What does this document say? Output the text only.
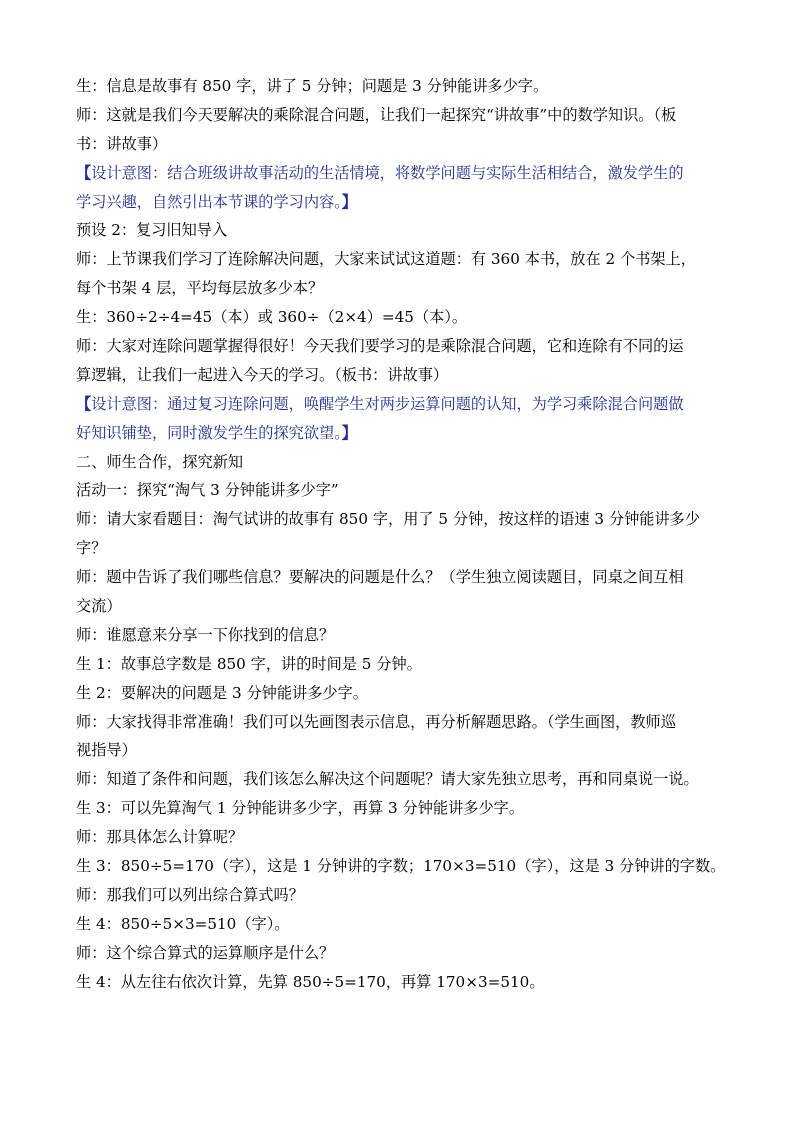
生：信息是故事有 850 字，讲了 5 分钟；问题是 3 分钟能讲多少字。
师：这就是我们今天要解决的乘除混合问题，让我们一起探究“讲故事”中的数学知识。（板
书：讲故事）
【设计意图：结合班级讲故事活动的生活情境，将数学问题与实际生活相结合，激发学生的
学习兴趣，自然引出本节课的学习内容。】
预设 2：复习旧知导入
师：上节课我们学习了连除解决问题，大家来试试这道题：有 360 本书，放在 2 个书架上，
每个书架 4 层，平均每层放多少本？
生：360÷2÷4=45（本）或 360÷（2×4）=45（本）。
师：大家对连除问题掌握得很好！今天我们要学习的是乘除混合问题，它和连除有不同的运
算逻辑，让我们一起进入今天的学习。（板书：讲故事）
【设计意图：通过复习连除问题，唤醒学生对两步运算问题的认知，为学习乘除混合问题做
好知识铺垫，同时激发学生的探究欲望。】
二、师生合作，探究新知
活动一：探究“淘气 3 分钟能讲多少字”
师：请大家看题目：淘气试讲的故事有 850 字，用了 5 分钟，按这样的语速 3 分钟能讲多少
字？
师：题中告诉了我们哪些信息？要解决的问题是什么？（学生独立阅读题目，同桌之间互相
交流）
师：谁愿意来分享一下你找到的信息？
生 1：故事总字数是 850 字，讲的时间是 5 分钟。
生 2：要解决的问题是 3 分钟能讲多少字。
师：大家找得非常准确！我们可以先画图表示信息，再分析解题思路。（学生画图，教师巡
视指导）
师：知道了条件和问题，我们该怎么解决这个问题呢？请大家先独立思考，再和同桌说一说。
生 3：可以先算淘气 1 分钟能讲多少字，再算 3 分钟能讲多少字。
师：那具体怎么计算呢？
生 3：850÷5=170（字），这是 1 分钟讲的字数；170×3=510（字），这是 3 分钟讲的字数。
师：那我们可以列出综合算式吗？
生 4：850÷5×3=510（字）。
师：这个综合算式的运算顺序是什么？
生 4：从左往右依次计算，先算 850÷5=170，再算 170×3=510。
